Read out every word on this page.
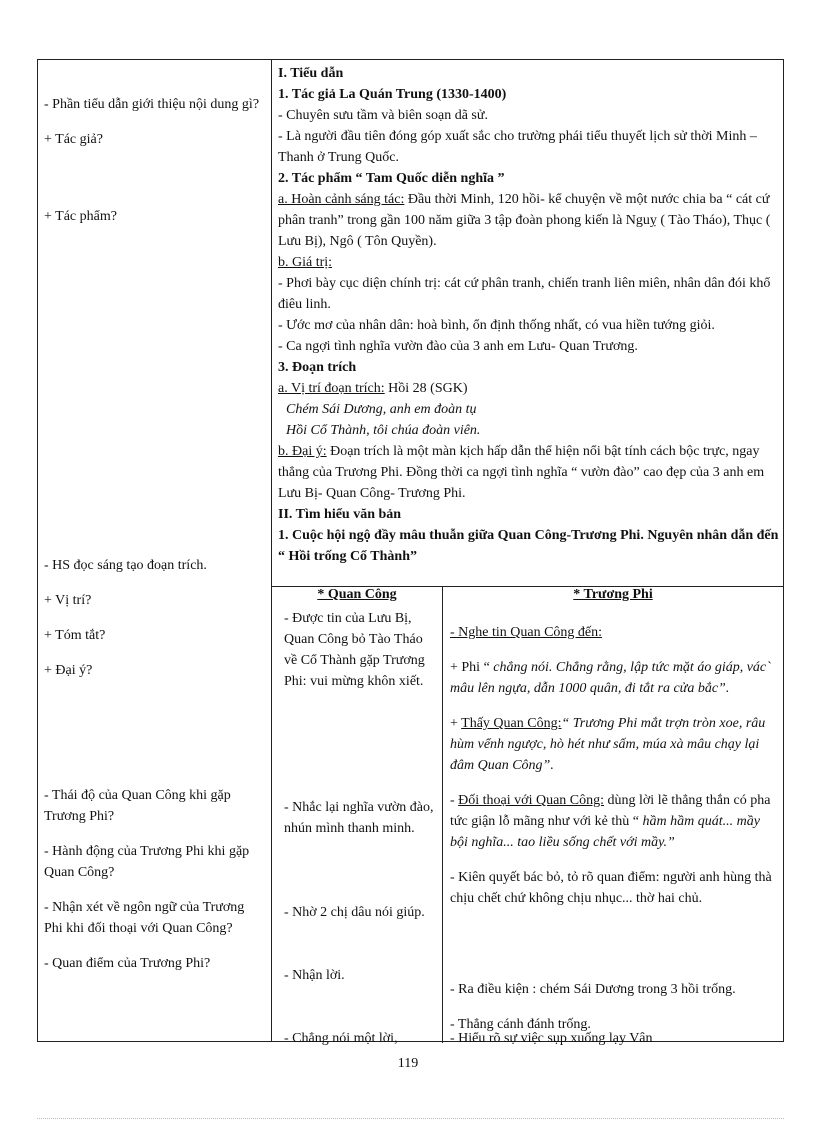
- Phần tiểu dẫn giới thiệu nội dung gì?

+ Tác giả?

+ Tác phẩm?

- HS đọc sáng tạo đoạn trích.

+ Vị trí?

+ Tóm tắt?

+ Đại ý?

- Thái độ của Quan Công khi gặp Trương Phi?

- Hành động của Trương Phi khi gặp Quan Công?

- Nhận xét về ngôn ngữ của Trương Phi khi đối thoại với Quan Công?

- Quan điểm của Trương Phi?

I. Tiểu dẫn

1. Tác giả La Quán Trung (1330-1400)

- Chuyên sưu tầm và biên soạn dã sử.

- Là người đầu tiên đóng góp xuất sắc cho trường phái tiểu thuyết lịch sử thời Minh – Thanh ở Trung Quốc.

2. Tác phẩm “ Tam Quốc diễn nghĩa ”

a. Hoàn cảnh sáng tác: Đầu thời Minh, 120 hồi- kể chuyện về một nước chia ba “ cát cứ phân tranh” trong gần 100 năm giữa 3 tập đoàn phong kiến là Nguỵ ( Tào Tháo), Thục ( Lưu Bị), Ngô ( Tôn Quyền).

b. Giá trị:

- Phơi bày cục diện chính trị: cát cứ phân tranh, chiến tranh liên miên, nhân dân đói khổ điêu linh.

- Ước mơ của nhân dân: hoà bình, ổn định thống nhất, có vua hiền tướng giỏi.

- Ca ngợi tình nghĩa vườn đào của 3 anh em Lưu- Quan Trương.

3. Đoạn trích

a. Vị trí đoạn trích: Hồi 28 (SGK)

Chém Sái Dương, anh em đoàn tụ

Hồi Cổ Thành, tôi chúa đoàn viên.

b. Đại ý: Đoạn trích là một màn kịch hấp dẫn thể hiện nổi bật tính cách bộc trực, ngay thẳng của Trương Phi. Đồng thời ca ngợi tình nghĩa “ vườn đào” cao đẹp của 3 anh em Lưu Bị- Quan Công- Trương Phi.

II. Tìm hiểu văn bản

1. Cuộc hội ngộ đầy mâu thuẫn giữa Quan Công-Trương Phi. Nguyên nhân dẫn đến “ Hồi trống Cổ Thành”

* Quan Công	* Trương Phi
- Được tin của Lưu Bị, Quan Công bỏ Tào Tháo về Cổ Thành gặp Trương Phi: vui mừng khôn xiết.
- Nhắc lại nghĩa vườn đào, nhún mình thanh minh.
- Nhờ 2 chị dâu nói giúp.
- Nhận lời.
- Chẳng nói một lời,

- Nghe tin Quan Công đến:

+ Phi “ chẳng nói. Chẳng rằng, lập tức mặt áo giáp, vác` mâu lên ngựa, dẫn 1000 quân, đi tắt ra cửa bắc”.

+ Thấy Quan Công:“ Trương Phi mắt trợn tròn xoe, râu hùm vểnh ngược, hò hét như sấm, múa xà mâu chạy lại đâm Quan Công”.

- Đối thoại với Quan Công: dùng lời lẽ thẳng thắn có pha tức giận lỗ mãng như với kẻ thù “ hầm hầm quát... mầy bội nghĩa... tao liều sống chết với mầy.”

- Kiên quyết bác bỏ, tỏ rõ quan điểm: người anh hùng thà chịu chết chứ không chịu nhục... thờ hai chủ.

- Ra điều kiện : chém Sái Dương trong 3 hồi trống.

- Thẳng cánh đánh trống.

- Hiểu rõ sự việc sụp xuống lạy Vân
119
